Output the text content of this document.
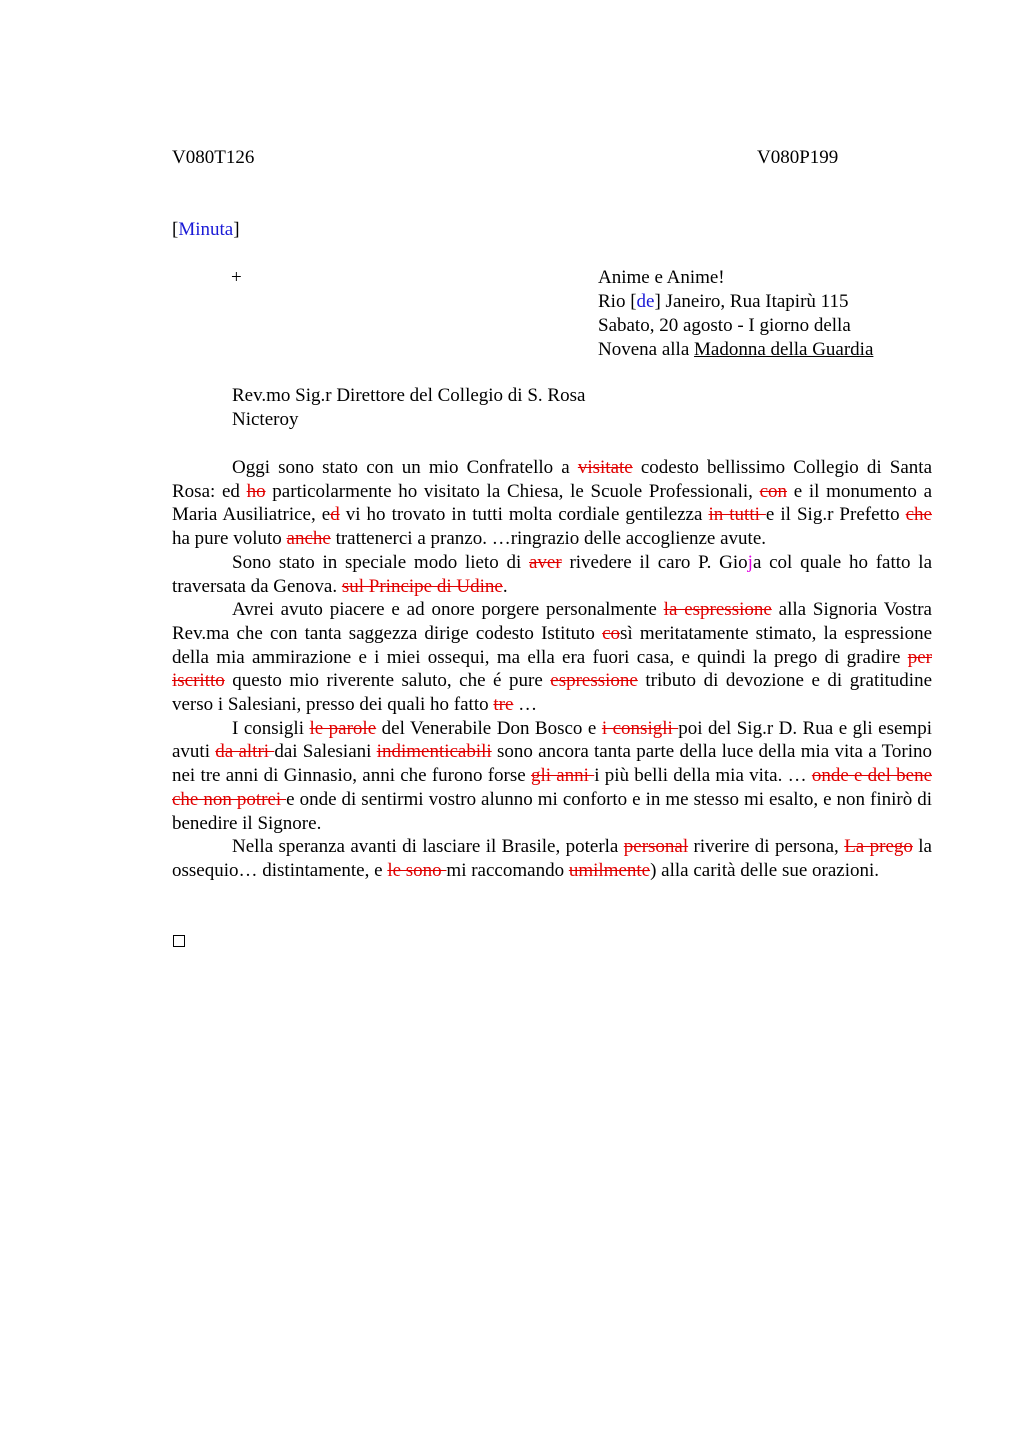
V080T126	V080P199
[Minuta]
+	Anime e Anime!
Rio [de] Janeiro, Rua Itapirù 115
Sabato, 20 agosto - I giorno della
Novena alla Madonna della Guardia
Rev.mo Sig.r Direttore del Collegio di S. Rosa
Nicteroy

Oggi sono stato con un mio Confratello a visitate codesto bellissimo Collegio di Santa Rosa: ed ho particolarmente ho visitato la Chiesa, le Scuole Professionali, con e il monumento a Maria Ausiliatrice, ed vi ho trovato in tutti molta cordiale gentilezza in tutti e il Sig.r Prefetto che ha pure voluto anche trattenerci a pranzo. …ringrazio delle accoglienze avute.

Sono stato in speciale modo lieto di aver rivedere il caro P. Gioja col quale ho fatto la traversata da Genova. sul Principe di Udine.

Avrei avuto piacere e ad onore porgere personalmente la espressione alla Signoria Vostra Rev.ma che con tanta saggezza dirige codesto Istituto così meritatamente stimato, la espressione della mia ammirazione e i miei ossequi, ma ella era fuori casa, e quindi la prego di gradire per iscritto questo mio riverente saluto, che é pure espressione tributo di devozione e di gratitudine verso i Salesiani, presso dei quali ho fatto tre …

I consigli le parole del Venerabile Don Bosco e i consigli poi del Sig.r D. Rua e gli esempi avuti da altri dai Salesiani indimenticabili sono ancora tanta parte della luce della mia vita a Torino nei tre anni di Ginnasio, anni che furono forse gli anni i più belli della mia vita. … onde e del bene che non potrei e onde di sentirmi vostro alunno mi conforto e in me stesso mi esalto, e non finirò di benedire il Signore.

Nella speranza avanti di lasciare il Brasile, poterla personal riverire di persona, La prego la ossequio… distintamente, e le sono mi raccomando umilmente) alla carità delle sue orazioni.
